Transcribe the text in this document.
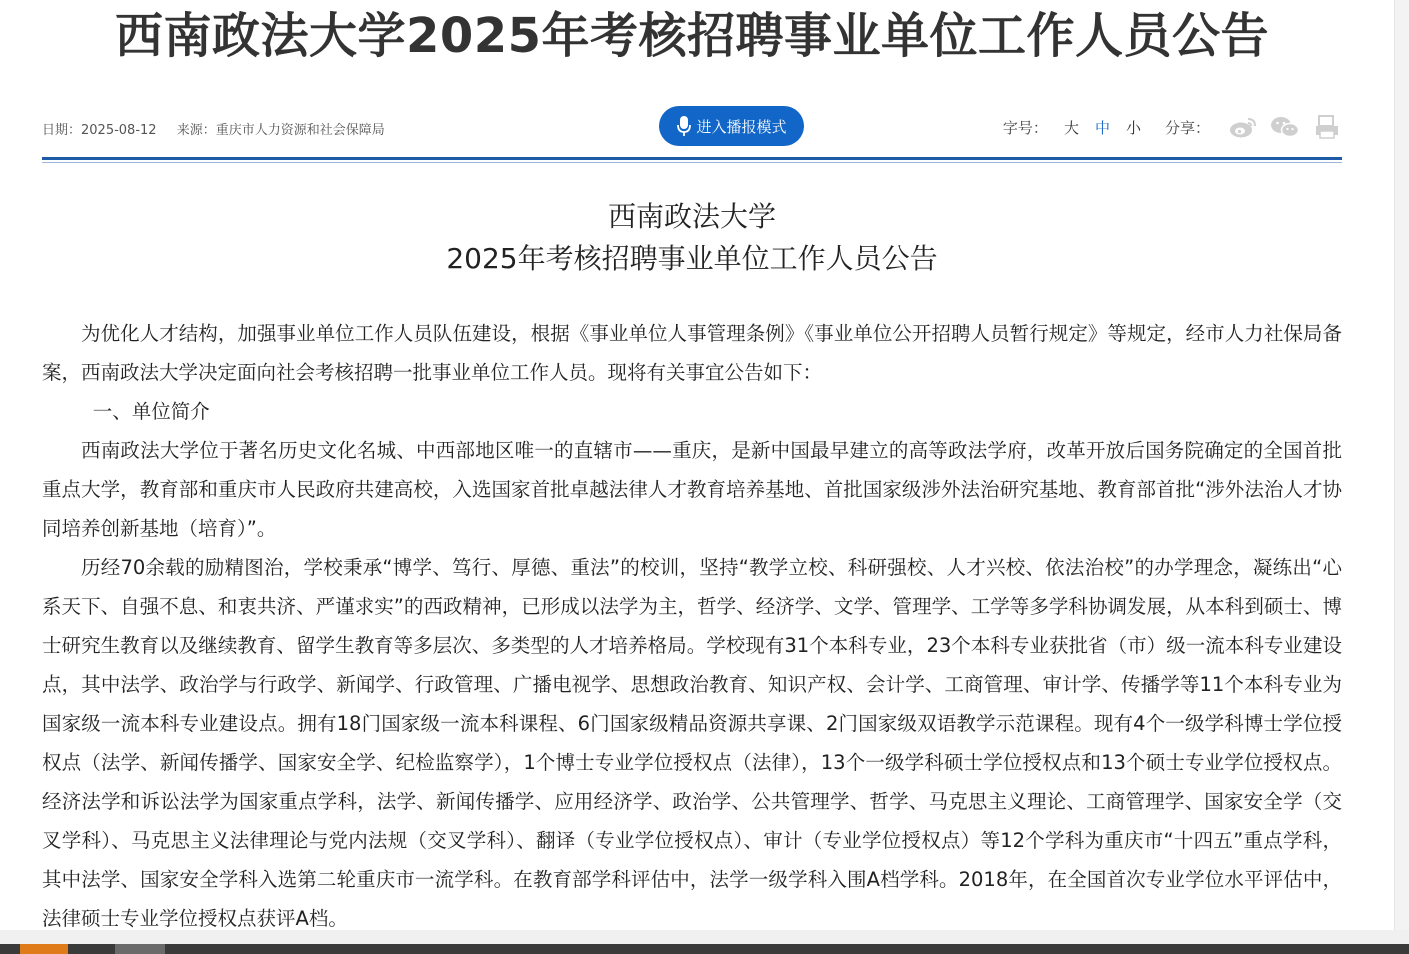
西南政法大学2025年考核招聘事业单位工作人员公告
日期：2025-08-12 来源：重庆市人力资源和社会保障局	进入播报模式	字号： 大 中 小 分享：
西南政法大学
2025年考核招聘事业单位工作人员公告

为优化人才结构，加强事业单位工作人员队伍建设，根据《事业单位人事管理条例》《事业单位公开招聘人员暂行规定》等规定，经市人力社保局备案，西南政法大学决定面向社会考核招聘一批事业单位工作人员。现将有关事宜公告如下：

一、单位简介

西南政法大学位于著名历史文化名城、中西部地区唯一的直辖市——重庆，是新中国最早建立的高等政法学府，改革开放后国务院确定的全国首批重点大学，教育部和重庆市人民政府共建高校，入选国家首批卓越法律人才教育培养基地、首批国家级涉外法治研究基地、教育部首批“涉外法治人才协同培养创新基地（培育）”。

历经70余载的励精图治，学校秉承“博学、笃行、厚德、重法”的校训，坚持“教学立校、科研强校、人才兴校、依法治校”的办学理念，凝练出“心系天下、自强不息、和衷共济、严谨求实”的西政精神，已形成以法学为主，哲学、经济学、文学、管理学、工学等多学科协调发展，从本科到硕士、博士研究生教育以及继续教育、留学生教育等多层次、多类型的人才培养格局。学校现有31个本科专业，23个本科专业获批省（市）级一流本科专业建设点，其中法学、政治学与行政学、新闻学、行政管理、广播电视学、思想政治教育、知识产权、会计学、工商管理、审计学、传播学等11个本科专业为国家级一流本科专业建设点。拥有18门国家级一流本科课程、6门国家级精品资源共享课、2门国家级双语教学示范课程。现有4个一级学科博士学位授权点（法学、新闻传播学、国家安全学、纪检监察学），1个博士专业学位授权点（法律），13个一级学科硕士学位授权点和13个硕士专业学位授权点。经济法学和诉讼法学为国家重点学科，法学、新闻传播学、应用经济学、政治学、公共管理学、哲学、马克思主义理论、工商管理学、国家安全学（交叉学科）、马克思主义法律理论与党内法规（交叉学科）、翻译（专业学位授权点）、审计（专业学位授权点）等12个学科为重庆市“十四五”重点学科，其中法学、国家安全学科入选第二轮重庆市一流学科。在教育部学科评估中，法学一级学科入围A档学科。2018年，在全国首次专业学位水平评估中，法律硕士专业学位授权点获评A档。
